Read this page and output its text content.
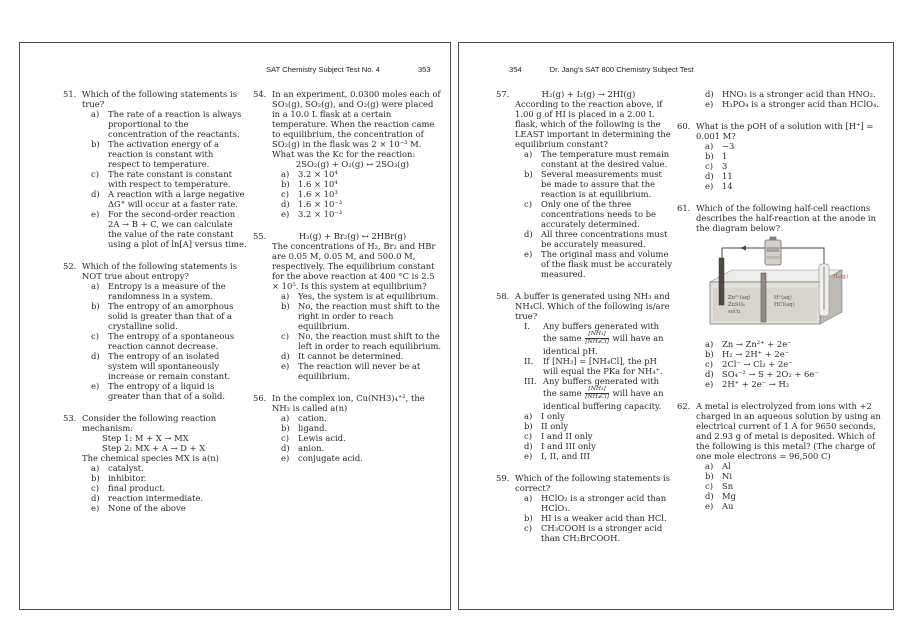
SAT Chemistry Subject Test No. 4	353
51. Which of the following statements is true?
a)	The rate of a reaction is always proportional to the concentration of the reactants.
b) The activation energy of a reaction is constant with respect to temperature.
c)	The rate constant is constant with respect to temperature.
d) A reaction with a large negative ΔG° will occur at a faster rate.
e)	For the second-order reaction 2A → B + C, we can calculate the value of the rate constant using a plot of ln[A] versus time.
52. Which of the following statements is NOT true about entropy?
a)	Entropy is a measure of the randomness in a system.
b) The entropy of an amorphous solid is greater than that of a crystalline solid.
c)	The entropy of a spontaneous reaction cannot decrease.
d) The entropy of an isolated system will spontaneously increase or remain constant.
e)	The entropy of a liquid is greater than that of a solid.
53. Consider the following reaction mechanism:
Step 1: M + X → MX
Step 2: MX + A → D + X
The chemical species MX is a(n)
a)	catalyst.
b) inhibitor.
c)	final product.
d) reaction intermediate.
e)	None of the above
54. In an experiment, 0.0300 moles each of SO₃(g), SO₂(g), and O₂(g) were placed in a 10.0 L flask at a certain temperature. When the reaction came to equilibrium, the concentration of SO₂(g) in the flask was 2 × 10⁻³ M. What was the Kc for the reaction:
2SO₂(g) + O₂(g) ↔ 2SO₃(g)
a)	3.2 × 10⁴
b) 1.6 × 10⁴
c)	1.6 × 10³
d) 1.6 × 10⁻³
e)	3.2 × 10⁻³
55.	H₂(g) + Br₂(g) ↔ 2HBr(g)
The concentrations of H₂, Br₂ and HBr are 0.05 M, 0.05 M, and 500.0 M, respectively. The equilibrium constant for the above reaction at 400 °C is 2.5 × 10⁵. Is this system at equilibrium?
a)	Yes, the system is at equilibrium.
b) No, the reaction must shift to the right in order to reach equilibrium.
c)	No, the reaction must shift to the left in order to reach equilibrium.
d) It cannot be determined.
e)	The reaction will never be at equilibrium.
56. In the complex ion, Cu(NH3)₄⁺², the NH₃ is called a(n)
a)	cation.
b) ligand.
c)	Lewis acid.
d) anion.
e)	conjugate acid.
354	Dr. Jang's SAT 800 Chemistry Subject Test
57.	H₂(g) + I₂(g) → 2HI(g)
According to the reaction above, if 1.00 g of HI is placed in a 2.00 L flask, which of the following is the LEAST important in determining the equilibrium constant?
a)	The temperature must remain constant at the desired value.
b) Several measurements must be made to assure that the reaction is at equilibrium.
c)	Only one of the three concentrations needs to be accurately determined.
d) All three concentrations must be accurately measured.
e)	The original mass and volume of the flask must be accurately measured.
58. A buffer is generated using NH₃ and NH₄Cl. Which of the following is/are true?
I.	Any buffers generated with the same $\frac{\text{[NH₃]}}{\text{[NH₄Cl]}}$ will have an identical pH.
II.	If [NH₃] = [NH₄Cl], the pH will equal the PKa for NH₄⁺.
III. Any buffers generated with the same $\frac{\text{[NH₃]}}{\text{[NH₄Cl]}}$ will have an identical buffering capacity.
a)	I only
b) II only
c)	I and II only
d) I and III only
e)	I, II, and III
59. Which of the following statements is correct?
a)	HClO₂ is a stronger acid than HClO₃.
b) HI is a weaker acid than HCl.
c)	CH₃COOH is a stronger acid than CH₂BrCOOH.
d) HNO₃ is a stronger acid than HNO₂.
e)	H₃PO₄ is a stronger acid than HClO₄.
60. What is the pOH of a solution with [H⁺] = 0.001 M?
a)	−3
b) 1
c)	3
d) 11
e)	14
61. Which of the following half-cell reactions describes the half-reaction at the anode in the diagram below?
Zn²⁺(aq)
ZnSO₄
sol'n
H⁺(aq)
HCl(aq)
H₂(g)
a)	Zn → Zn²⁺ + 2e⁻
b) H₂ → 2H⁺ + 2e⁻
c)	2Cl⁻ → Cl₂ + 2e⁻
d) SO₄⁻² → S + 2O₂ + 6e⁻
e)	2H⁺ + 2e⁻ → H₂
62. A metal is electrolyzed from ions with +2 charged in an aqueous solution by using an electrical current of 1 A for 9650 seconds, and 2.93 g of metal is deposited. Which of the following is this metal? (The charge of one mole electrons = 96,500 C)
a)	Al
b) Ni
c)	Sn
d) Mg
e)	Au
